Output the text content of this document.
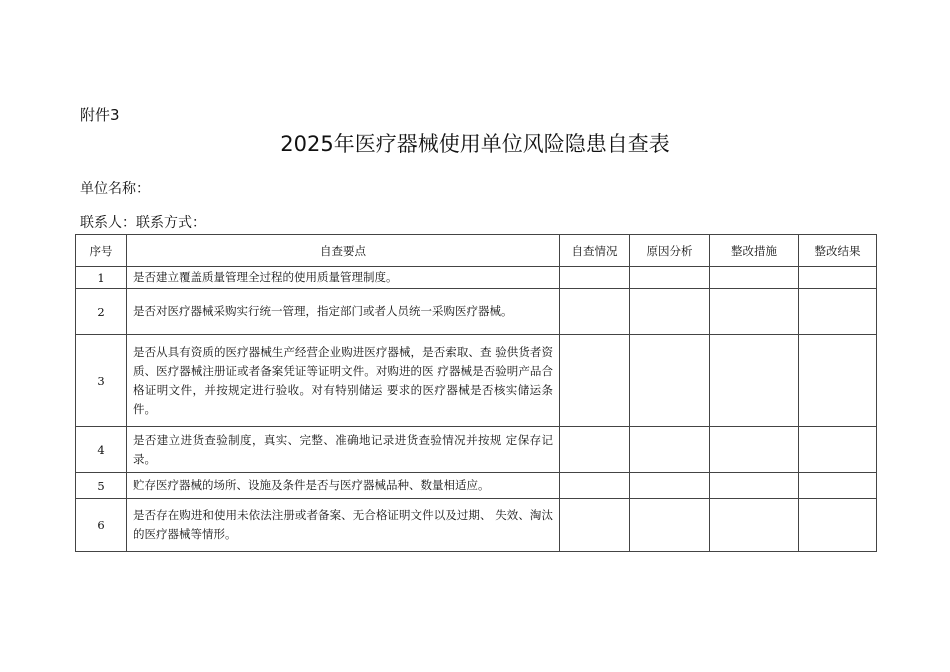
附件3
2025年医疗器械使用单位风险隐患自查表
单位名称：
联系人：联系方式：
序号	自查要点	自查情况	原因分析	整改措施	整改结果
1	是否建立覆盖质量管理全过程的使用质量管理制度。				
2	是否对医疗器械采购实行统一管理，指定部门或者人员统一采购医疗器械。				
3	是否从具有资质的医疗器械生产经营企业购进医疗器械，是否索取、查 验供货者资质、医疗器械注册证或者备案凭证等证明文件。对购进的医 疗器械是否验明产品合格证明文件，并按规定进行验收。对有特别储运 要求的医疗器械是否核实储运条件。				
4	是否建立进货查验制度，真实、完整、准确地记录进货查验情况并按规 定保存记录。				
5	贮存医疗器械的场所、设施及条件是否与医疗器械品种、数量相适应。				
6	是否存在购进和使用未依法注册或者备案、无合格证明文件以及过期、 失效、淘汰的医疗器械等情形。				
